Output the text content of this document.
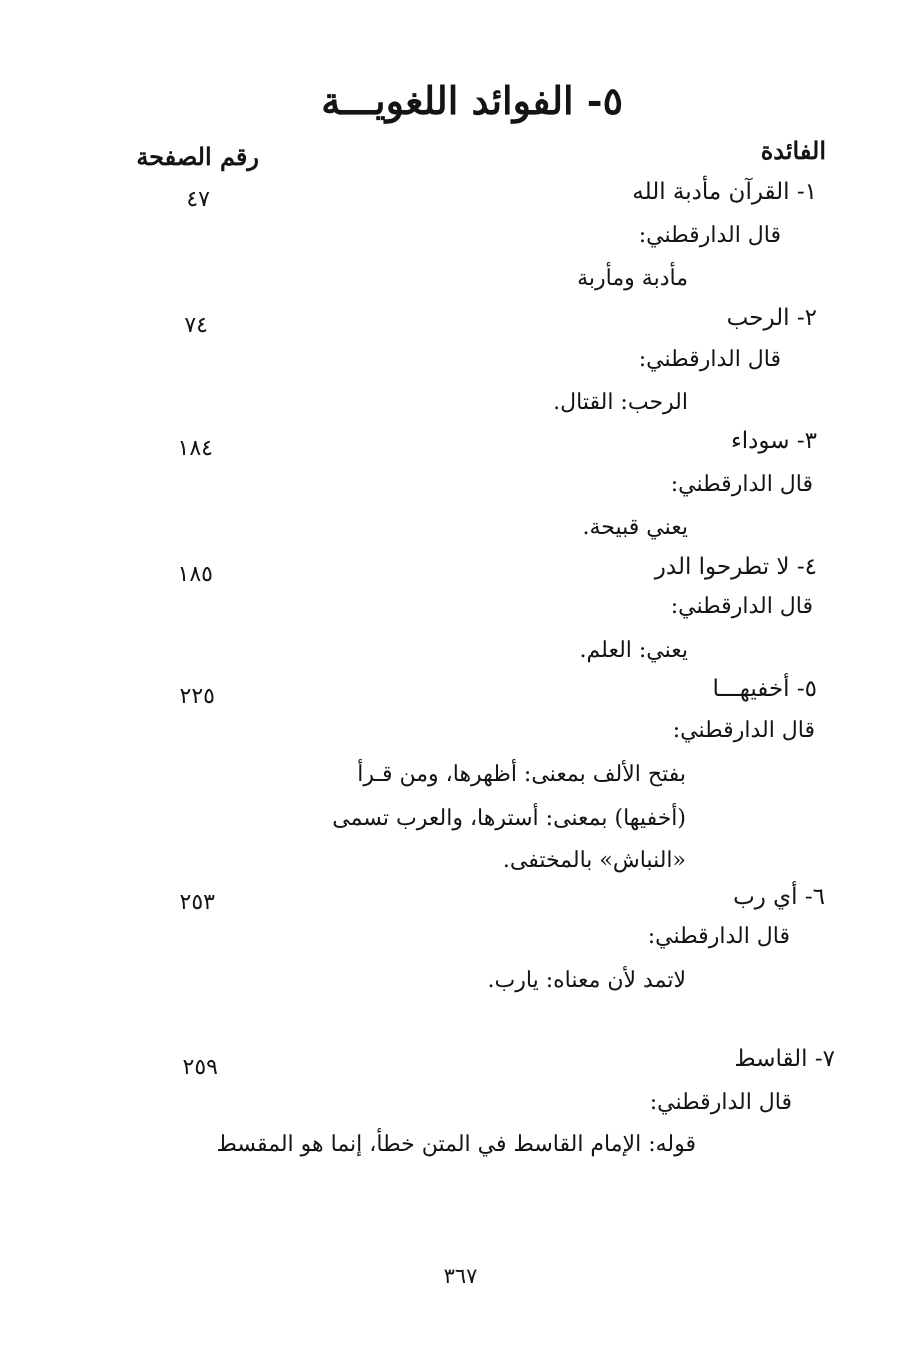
٥- الفوائد اللغويـــة
الفائدة
رقم الصفحة
١- القرآن مأدبة الله
٤٧
قال الدارقطني:
مأدبة ومأربة
٢- الرحب
٧٤
قال الدارقطني:
الرحب: القتال.
٣- سوداء
١٨٤
قال الدارقطني:
يعني قبيحة.
٤- لا تطرحوا الدر
١٨٥
قال الدارقطني:
يعني: العلم.
٥- أخفيهـــا
٢٢٥
قال الدارقطني:
بفتح الألف بمعنى: أظهرها، ومن قـرأ
(أخفيها) بمعنى: أسترها، والعرب تسمى
«النباش» بالمختفى.
٦- أي رب
٢٥٣
قال الدارقطني:
لاتمد لأن معناه: يارب.
٧- القاسط
٢٥٩
قال الدارقطني:
قوله: الإمام القاسط في المتن خطأ، إنما هو المقسط
٣٦٧
